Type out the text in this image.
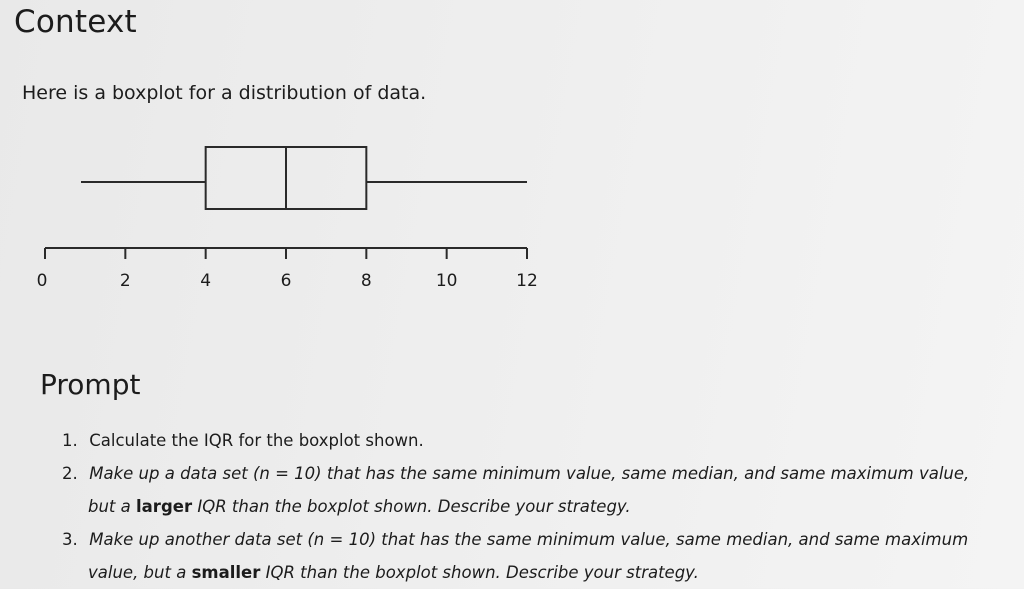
Context
Here is a boxplot for a distribution of data.
0	2	4	6	8	10	12
Prompt
1. Calculate the IQR for the boxplot shown.
2. Make up a data set (n = 10) that has the same minimum value, same median, and same maximum value,
but a larger IQR than the boxplot shown. Describe your strategy.
3. Make up another data set (n = 10) that has the same minimum value, same median, and same maximum
value, but a smaller IQR than the boxplot shown. Describe your strategy.
